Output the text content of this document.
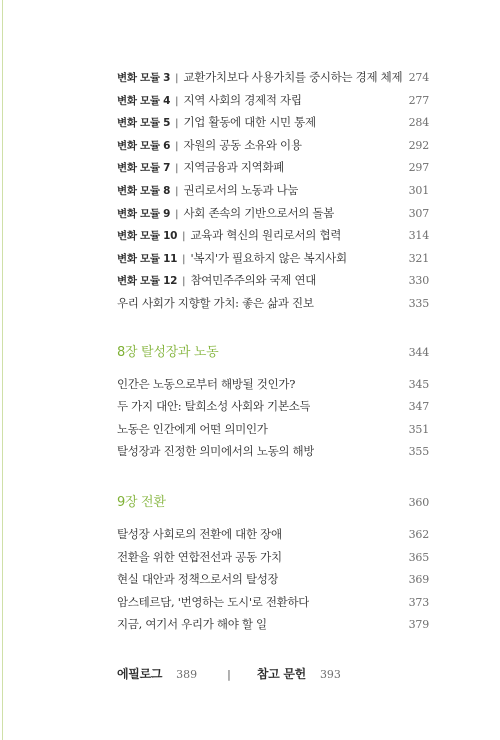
변화 모듈 3 | 교환가치보다 사용가치를 중시하는 경제 체제 274
변화 모듈 4 | 지역 사회의 경제적 자립	277
변화 모듈 5 | 기업 활동에 대한 시민 통제	284
변화 모듈 6 | 자원의 공동 소유와 이용	292
변화 모듈 7 | 지역금융과 지역화폐	297
변화 모듈 8 | 권리로서의 노동과 나눔	301
변화 모듈 9 | 사회 존속의 기반으로서의 돌봄	307
변화 모듈 10 | 교육과 혁신의 원리로서의 협력	314
변화 모듈 11 | '복지'가 필요하지 않은 복지사회	321
변화 모듈 12 | 참여민주주의와 국제 연대	330
우리 사회가 지향할 가치: 좋은 삶과 진보	335
8장 탈성장과 노동	344
인간은 노동으로부터 해방될 것인가?	345
두 가지 대안: 탈희소성 사회와 기본소득	347
노동은 인간에게 어떤 의미인가	351
탈성장과 진정한 의미에서의 노동의 해방	355
9장 전환	360
탈성장 사회로의 전환에 대한 장애	362
전환을 위한 연합전선과 공동 가치	365
현실 대안과 정책으로서의 탈성장	369
암스테르담, '번영하는 도시'로 전환하다	373
지금, 여기서 우리가 해야 할 일	379
에필로그 389	| 참고 문헌 393
